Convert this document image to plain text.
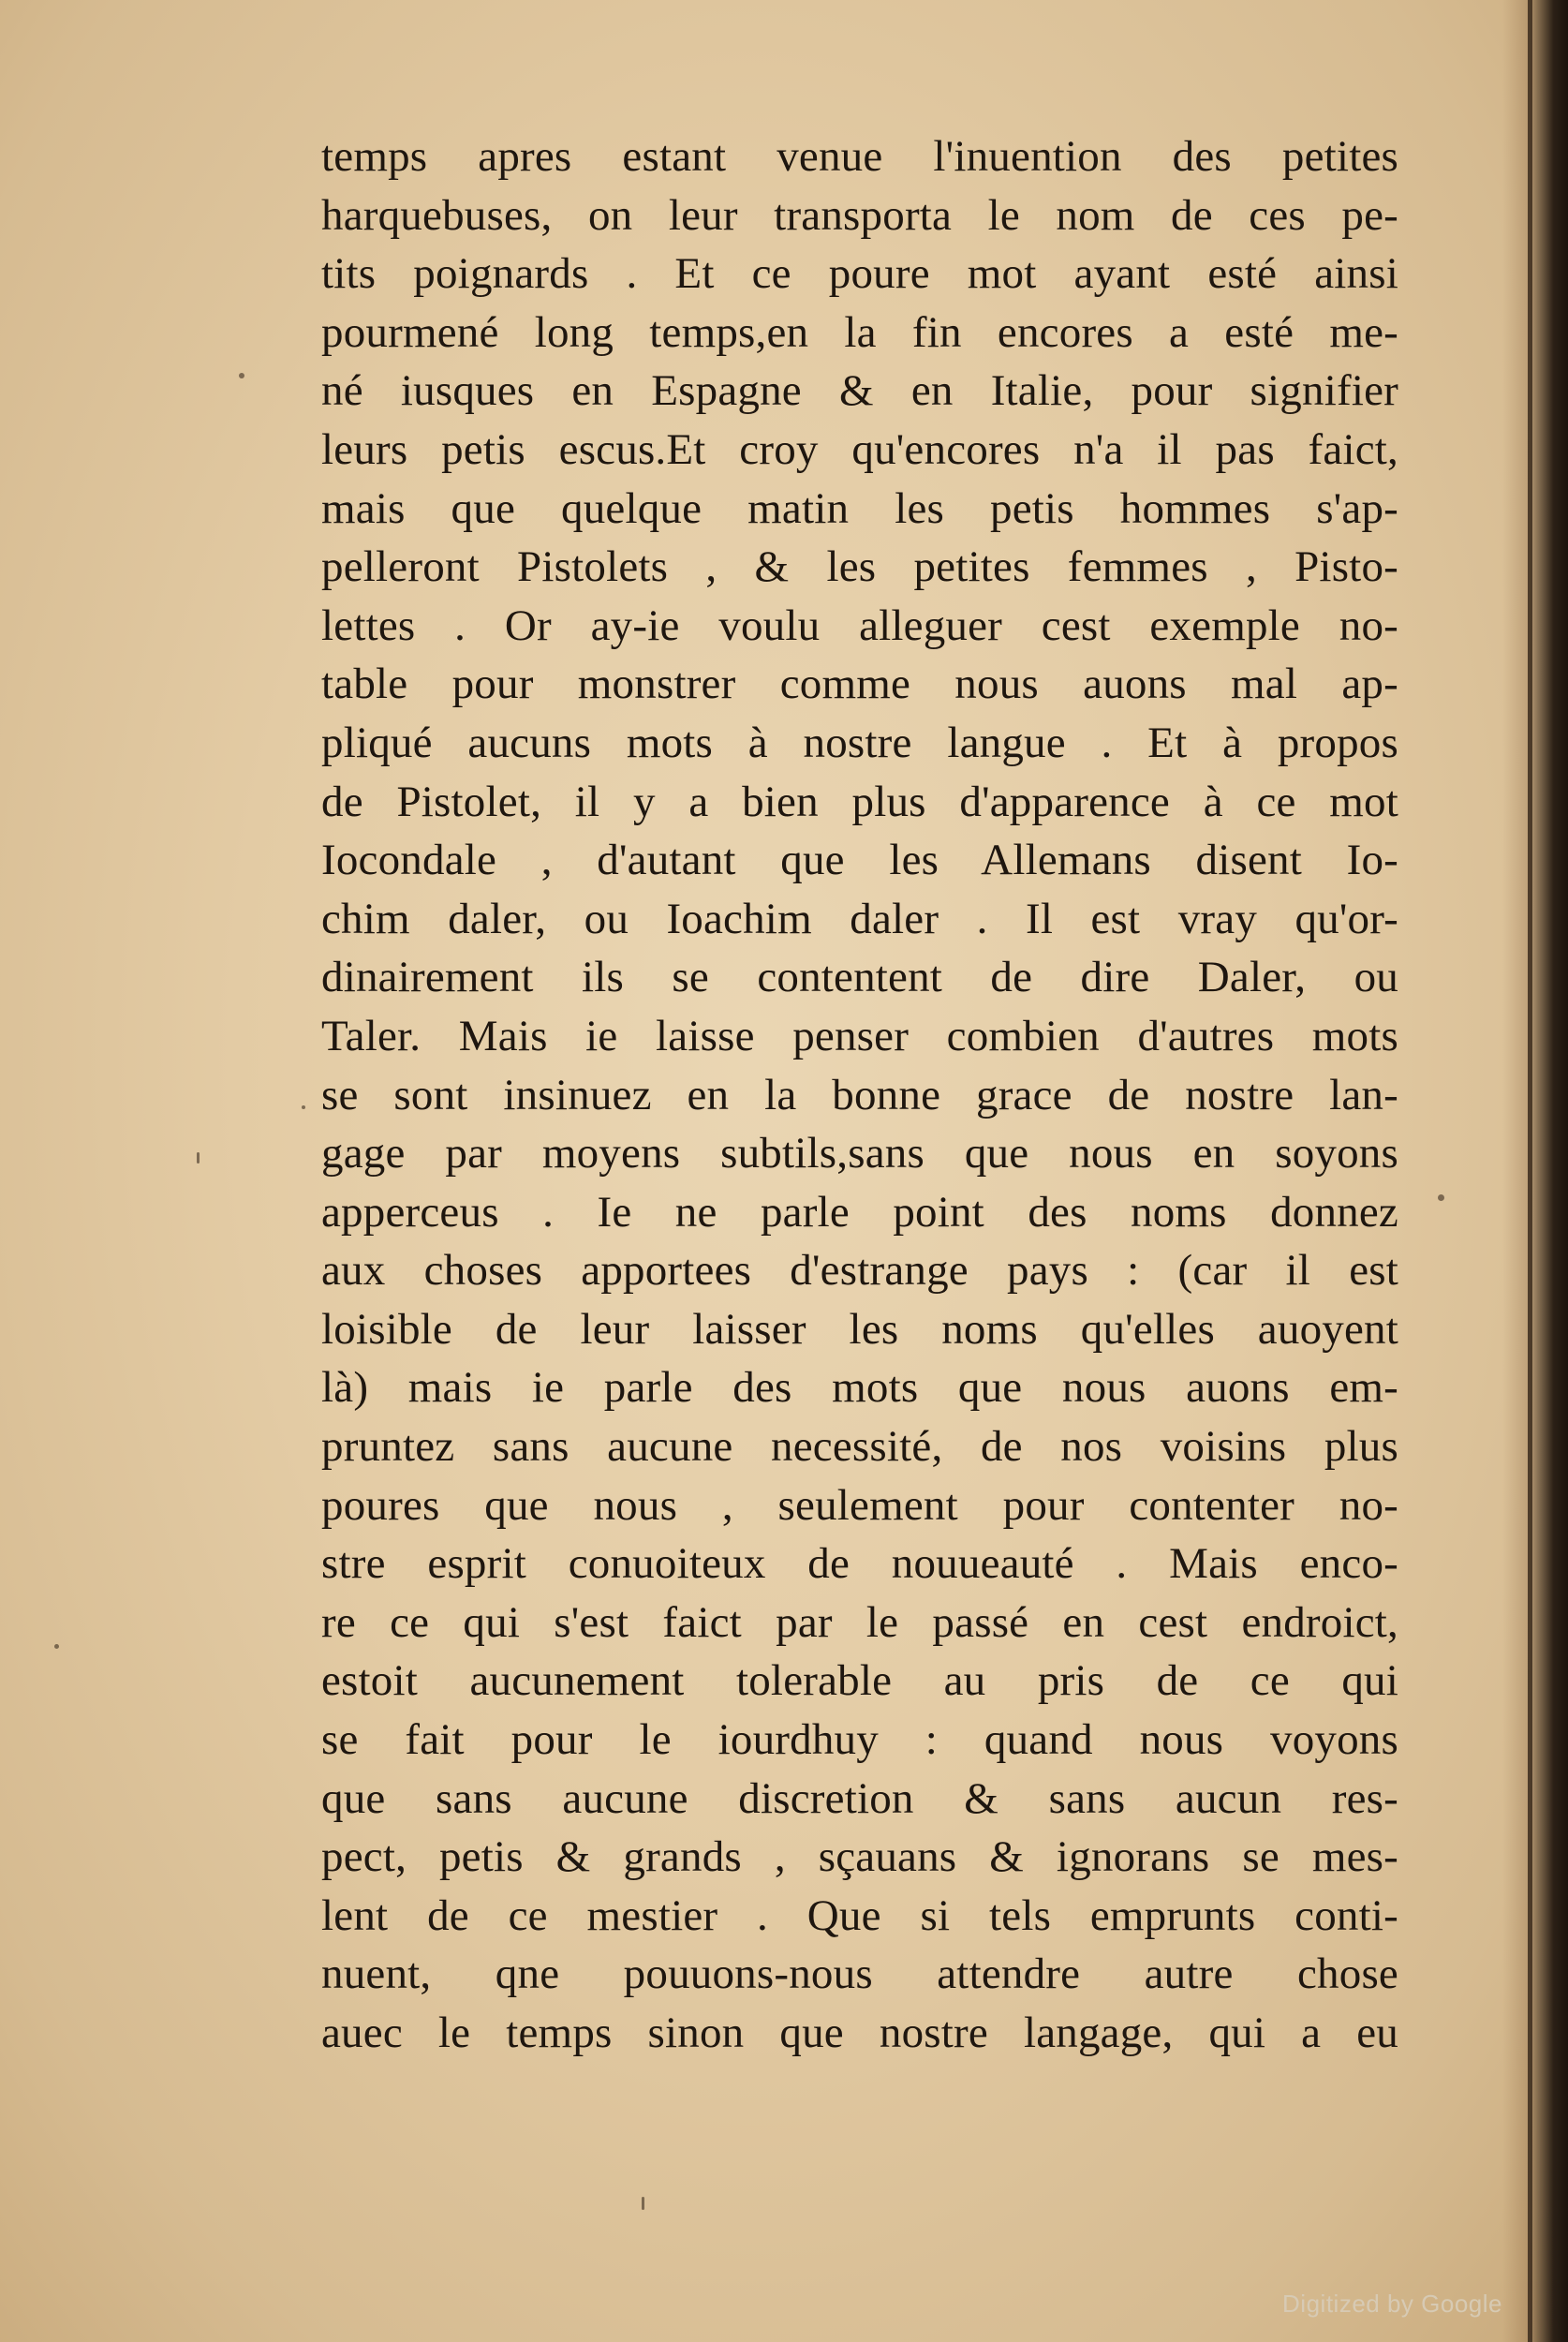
temps apres estant venue l'inuention des petites
harquebuses, on leur transporta le nom de ces pe-
tits poignards . Et ce poure mot ayant esté ainsi
pourmené long temps,en la fin encores a esté me-
né iusques en Espagne & en Italie, pour signifier
leurs petis escus.Et croy qu'encores n'a il pas faict,
mais que quelque matin les petis hommes s'ap-
pelleront Pistolets , & les petites femmes , Pisto-
lettes . Or ay-ie voulu alleguer cest exemple no-
table pour monstrer comme nous auons mal ap-
pliqué aucuns mots à nostre langue . Et à propos
de Pistolet, il y a bien plus d'apparence à ce mot
Iocondale , d'autant que les Allemans disent Io-
chim daler, ou Ioachim daler . Il est vray qu'or-
dinairement ils se contentent de dire Daler, ou
Taler. Mais ie laisse penser combien d'autres mots
se sont insinuez en la bonne grace de nostre lan-
gage par moyens subtils,sans que nous en soyons
apperceus . Ie ne parle point des noms donnez
aux choses apportees d'estrange pays : (car il est
loisible de leur laisser les noms qu'elles auoyent
là) mais ie parle des mots que nous auons em-
pruntez sans aucune necessité, de nos voisins plus
poures que nous , seulement pour contenter no-
stre esprit conuoiteux de nouueauté . Mais enco-
re ce qui s'est faict par le passé en cest endroict,
estoit aucunement tolerable au pris de ce qui
se fait pour le iourdhuy : quand nous voyons
que sans aucune discretion & sans aucun res-
pect, petis & grands , sçauans & ignorans se mes-
lent de ce mestier . Que si tels emprunts conti-
nuent, qne pouuons-nous attendre autre chose
auec le temps sinon que nostre langage, qui a eu
Digitized by Google
